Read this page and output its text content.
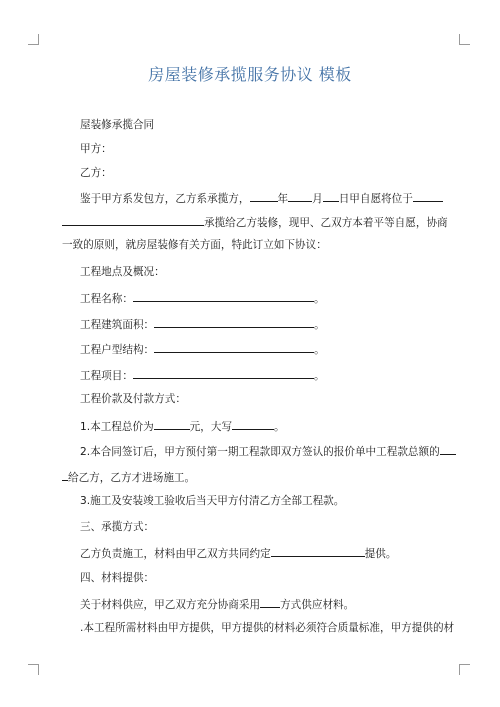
房屋装修承揽服务协议 模板
屋装修承揽合同
甲方：
乙方：
鉴于甲方系发包方，乙方系承揽方，	年 月 日甲自愿将位于
承揽给乙方装修，现甲、乙双方本着平等自愿，协商
一致的原则，就房屋装修有关方面，特此订立如下协议：
工程地点及概况：
工程名称：	。
工程建筑面积：	。
工程户型结构：	。
工程项目：	。
工程价款及付款方式：
1.本工程总价为	元，大写	。
2.本合同签订后，甲方预付第一期工程款即双方签认的报价单中工程款总额的
给乙方，乙方才进场施工。
3.施工及安装竣工验收后当天甲方付清乙方全部工程款。
三、承揽方式：
乙方负责施工，材料由甲乙双方共同约定	提供。
四、材料提供：
关于材料供应，甲乙双方充分协商采用 方式供应材料。
.本工程所需材料由甲方提供，甲方提供的材料必须符合质量标准，甲方提供的材
